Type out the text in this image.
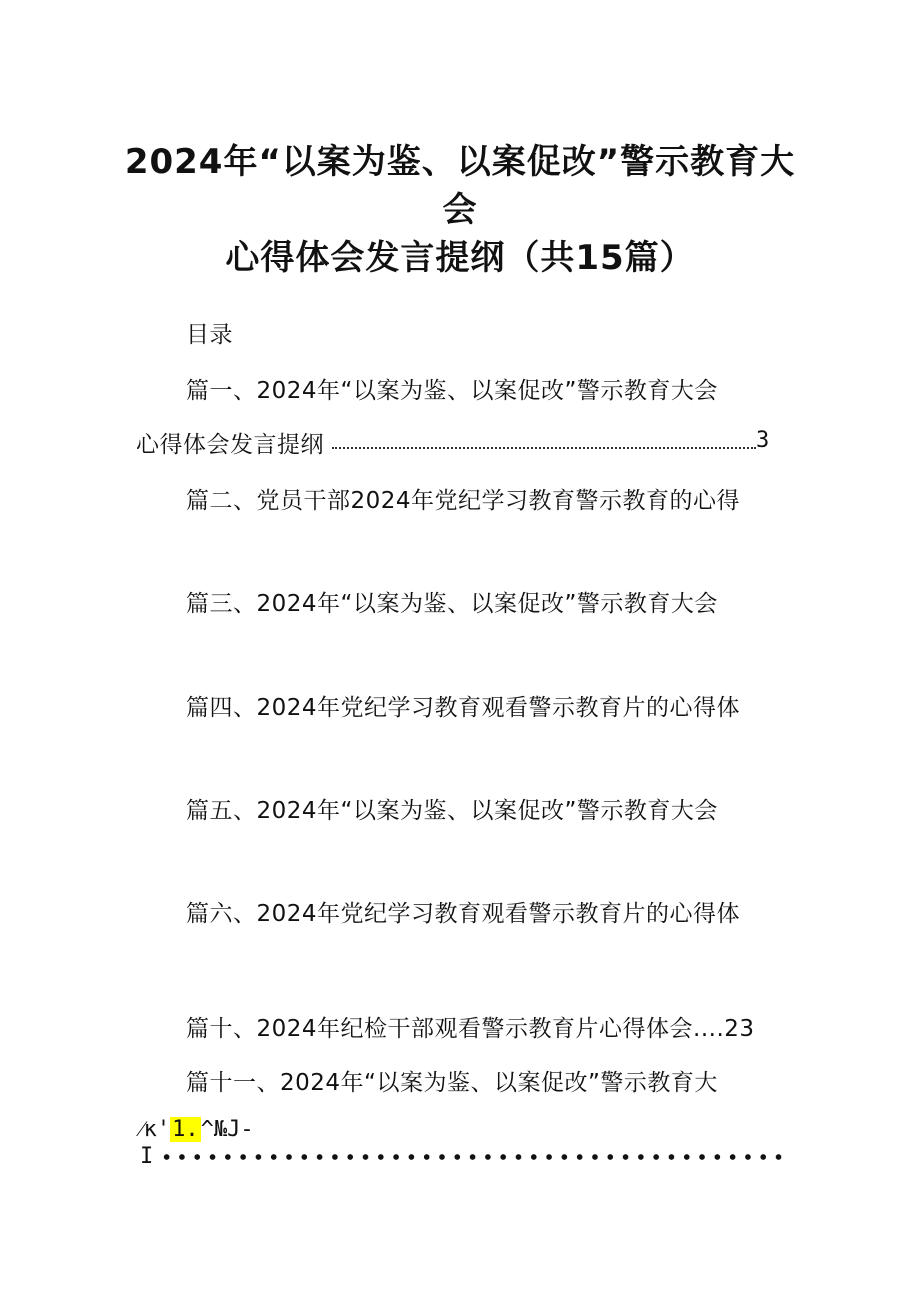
2024年“以案为鉴、以案促改”警示教育大
会
心得体会发言提纲（共15篇）
目录
篇一、2024年“以案为鉴、以案促改”警示教育大会
心得体会发言提纲	3
篇二、党员干部2024年党纪学习教育警示教育的心得
篇三、2024年“以案为鉴、以案促改”警示教育大会
篇四、2024年党纪学习教育观看警示教育片的心得体
篇五、2024年“以案为鉴、以案促改”警示教育大会
篇六、2024年党纪学习教育观看警示教育片的心得体
篇十、2024年纪检干部观看警示教育片心得体会....23
篇十一、2024年“以案为鉴、以案促改”警示教育大
⁄κ'1.^№J-
I
